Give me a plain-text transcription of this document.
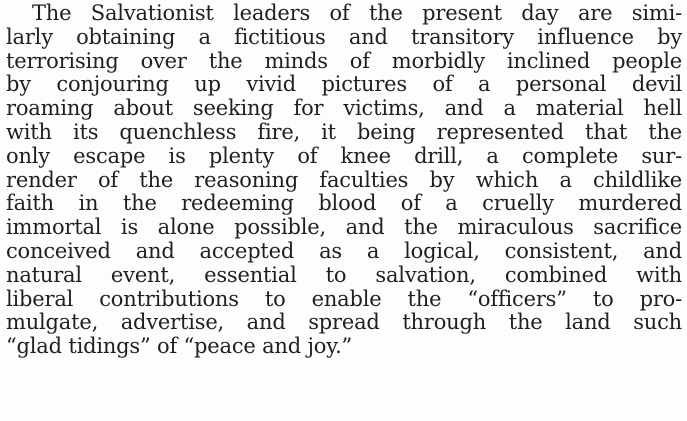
The Salvationist leaders of the present day are simi-
larly obtaining a fictitious and transitory influence by
terrorising over the minds of morbidly inclined people
by conjouring up vivid pictures of a personal devil
roaming about seeking for victims, and a material hell
with its quenchless fire, it being represented that the
only escape is plenty of knee drill, a complete sur-
render of the reasoning faculties by which a childlike
faith in the redeeming blood of a cruelly murdered
immortal is alone possible, and the miraculous sacrifice
conceived and accepted as a logical, consistent, and
natural event, essential to salvation, combined with
liberal contributions to enable the “officers” to pro-
mulgate, advertise, and spread through the land such
“glad tidings” of “peace and joy.”
